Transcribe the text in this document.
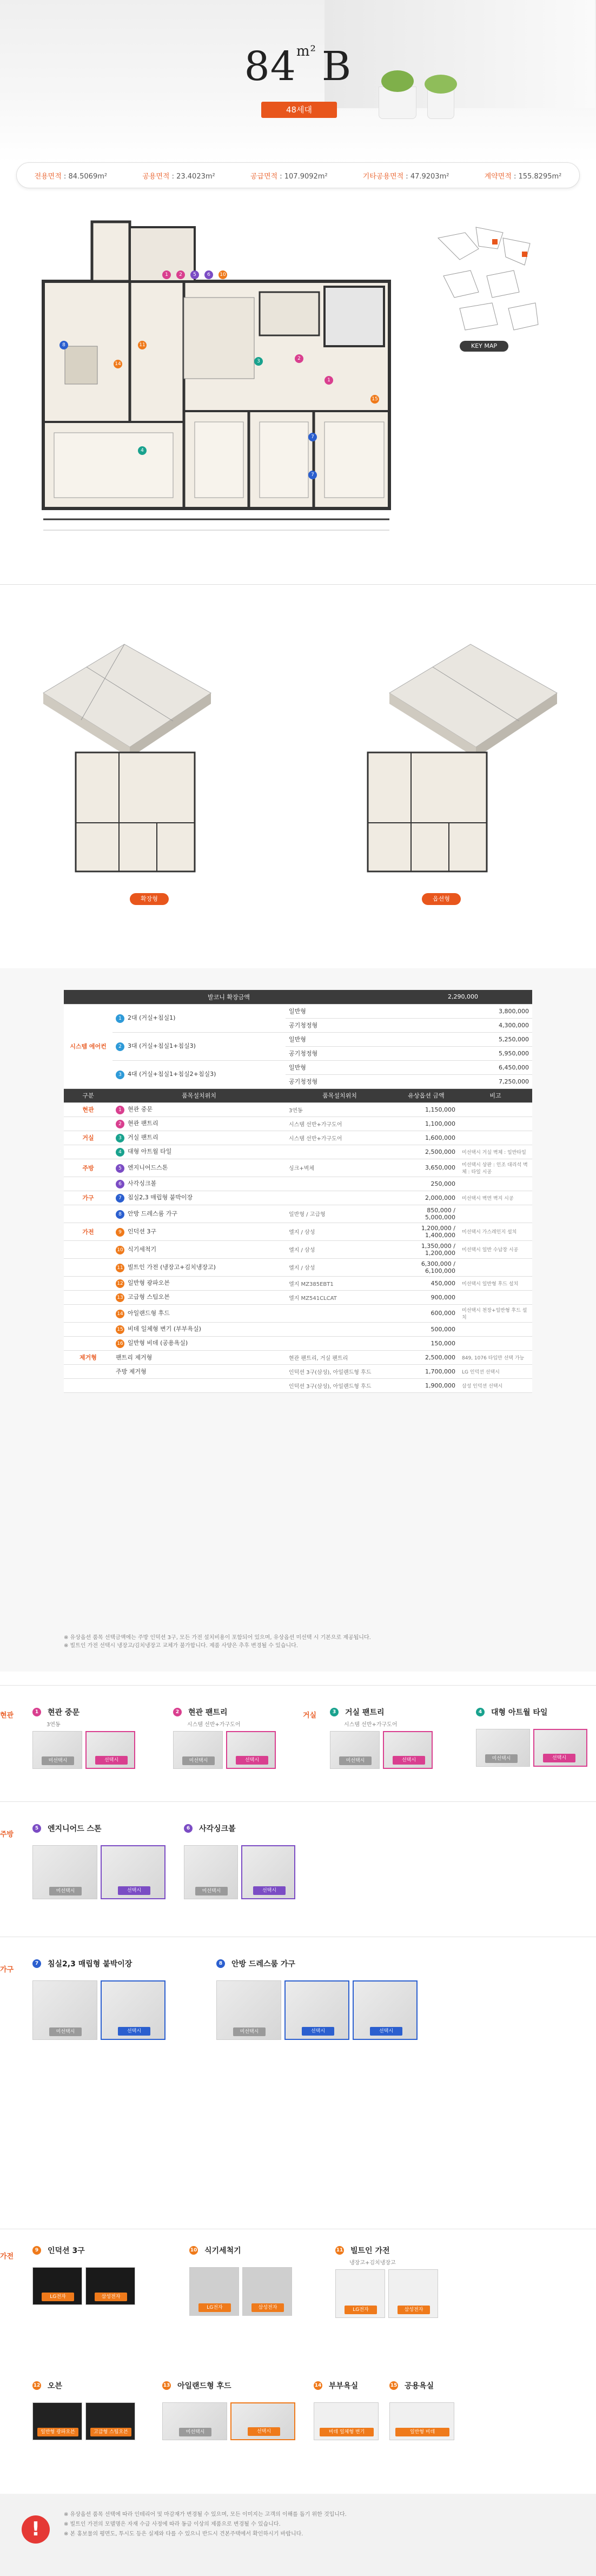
$84^{m^2}$ B
48세대
전용면적 : 84.5069m²	공용면적 : 23.4023m²	공급면적 : 107.9092m²	기타공용면적 : 47.9203m²	계약면적 : 155.8295m²
1	2	5	6	10
8	11
14	3	2
1
15
4
7
7
KEY MAP
확장형	옵션형
발코니 확장금액			2,290,000	
시스템 에어컨	1 2대 (거실+침실1)	일반형	3,800,000	
		공기청정형	4,300,000	
	2 3대 (거실+침실1+침실3)	일반형	5,250,000	
		공기청정형	5,950,000	
	3 4대 (거실+침실1+침실2+침실3)	일반형	6,450,000	
		공기청정형	7,250,000	
구분	품목설치위치	품목설치위치	유상옵션 금액	비고
현관	1 현관 중문	3연동	1,150,000	
	2 현관 팬트리	시스템 선반+가구도어	1,100,000	
거실	3 거실 팬트리	시스템 선반+가구도어	1,600,000	
	4 대형 아트월 타일		2,500,000	미선택시 거실 벽체 : 일반타일
주방	5 엔지니어드스톤	싱크+벽체	3,650,000	미선택시 상판 : 인조 대리석 벽체 : 타일 시공
	6 사각싱크볼		250,000	
가구	7 침실2,3 매립형 붙박이장		2,000,000	미선택시 벽면 벽지 시공
	8 안방 드레스룸 가구	일반형 / 고급형	850,000 / 5,000,000	
가전	9 인덕션 3구	엘지 / 삼성	1,200,000 / 1,400,000	미선택시 가스레인지 설치
	10 식기세척기	엘지 / 삼성	1,350,000 / 1,200,000	미선택시 일반 수납장 시공
	11 빌트인 가전 (냉장고+김치냉장고)	엘지 / 삼성	6,300,000 / 6,100,000	
	12 일반형 광파오븐	엘지 MZ385EBT1	450,000	미선택시 일반형 후드 설치
	13 고급형 스팀오븐	엘지 MZ541CLCAT	900,000	
	14 아일랜드형 후드		600,000	미선택시 천장+일반형 후드 설치
	15 비데 일체형 변기 (부부욕실)		500,000	
	16 일반형 비데 (공용욕실)		150,000	
제거형	팬트리 제거형	현관 팬트리, 거실 팬트리	2,500,000	849, 1076 타입만 선택 가능
	주방 제거형	인덕션 3구(삼성), 아일랜드형 후드	1,700,000	LG 인덕션 선택시
		인덕션 3구(삼성), 아일랜드형 후드	1,900,000	삼성 인덕션 선택시
※ 유상옵션 품목 선택금액에는 주방 인덕션 3구, 모든 가전 설치비용이 포함되어 있으며, 유상옵션 미선택 시 기본으로 제공됩니다.
※ 빌트인 가전 선택시 냉장고/김치냉장고 교체가 불가합니다. 제품 사양은 추후 변경될 수 있습니다.
현관	1	현관 중문
3연동
미선택시	선택시
2	현관 팬트리
시스템 선반+가구도어
미선택시	선택시
거실	3	거실 팬트리
시스템 선반+가구도어
미선택시	선택시
4	대형 아트월 타일

미선택시	선택시
주방
5	엔지니어드 스톤

미선택시	선택시
6	사각싱크볼

미선택시	선택시
가구
7	침실2,3 매립형 붙박이장

미선택시	선택시
8	안방 드레스룸 가구

미선택시	선택시	선택시
가전
9	인덕션 3구

LG전자	삼성전자
10 식기세척기

LG전자	삼성전자
11 빌트인 가전
냉장고+김치냉장고
LG전자	삼성전자
12 오븐

일반형 광파오븐	고급형 스팀오븐
13 아일랜드형 후드

미선택시	선택시
14 부부욕실

비데 일체형 변기
15 공용욕실

일반형 비데
!
※ 유상옵션 품목 선택에 따라 인테리어 및 마감재가 변경될 수 있으며, 모든 이미지는 고객의 이해를 돕기 위한 것입니다.
※ 빌트인 가전의 모델명은 자재 수급 사정에 따라 동급 이상의 제품으로 변경될 수 있습니다.
※ 본 홍보물의 평면도, 투시도 등은 실제와 다를 수 있으니 반드시 견본주택에서 확인하시기 바랍니다.
